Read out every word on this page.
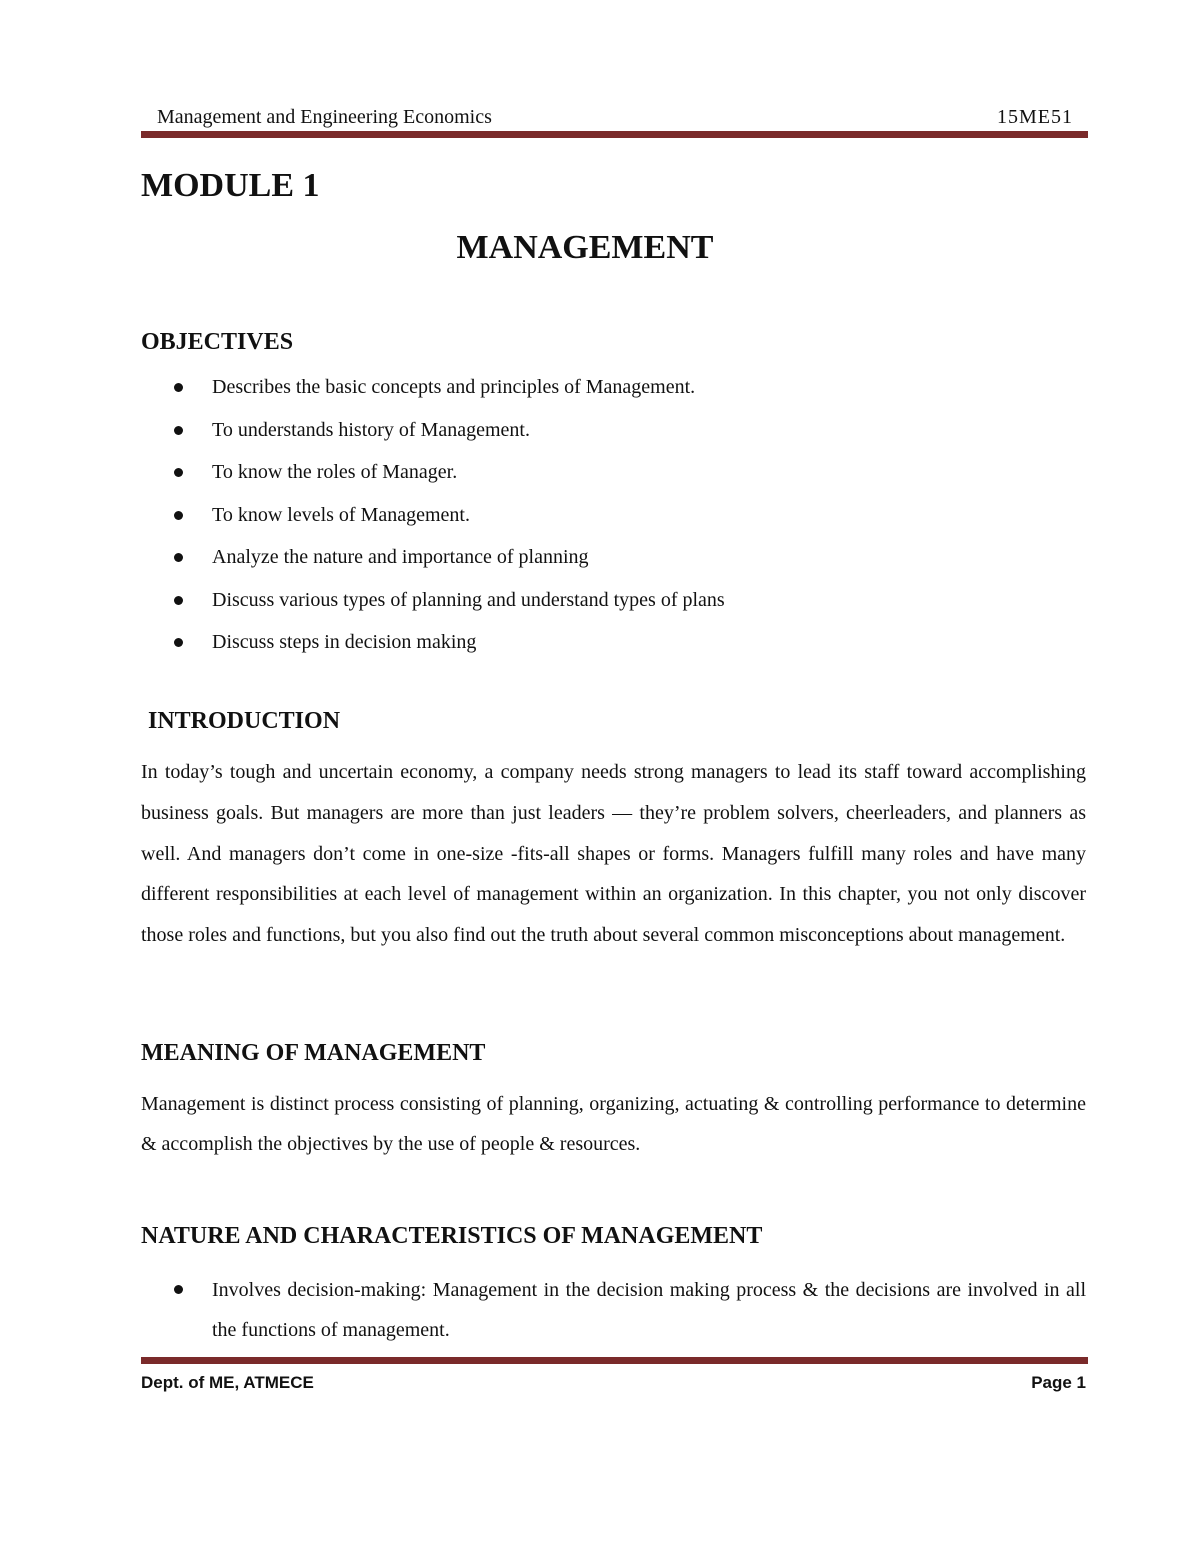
Management and Engineering Economics	15ME51
MODULE 1
MANAGEMENT
OBJECTIVES
Describes the basic concepts and principles of Management.
To understands history of Management.
To know the roles of Manager.
To know levels of Management.
Analyze the nature and importance of planning
Discuss various types of planning and understand types of plans
Discuss steps in decision making
INTRODUCTION

In today’s tough and uncertain economy, a company needs strong managers to lead its staff toward accomplishing business goals. But managers are more than just leaders — they’re problem solvers, cheerleaders, and planners as well. And managers don’t come in one-size -fits-all shapes or forms. Managers fulfill many roles and have many different responsibilities at each level of management within an organization. In this chapter, you not only discover those roles and functions, but you also find out the truth about several common misconceptions about management.

MEANING OF MANAGEMENT

Management is distinct process consisting of planning, organizing, actuating & controlling performance to determine & accomplish the objectives by the use of people & resources.

NATURE AND CHARACTERISTICS OF MANAGEMENT
Involves decision-making: Management in the decision making process & the decisions are involved in all the functions of management.
Dept. of ME, ATMECE	Page 1
